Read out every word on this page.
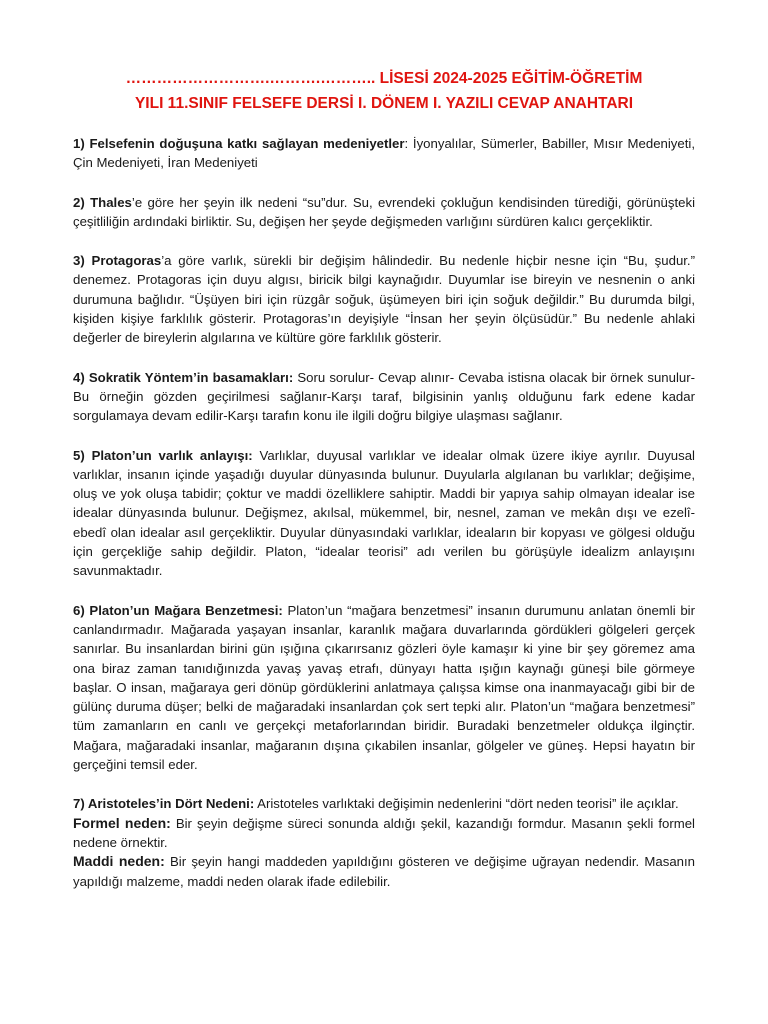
……………………….……….……….. LİSESİ 2024-2025 EĞİTİM-ÖĞRETİM
YILI 11.SINIF FELSEFE DERSİ I. DÖNEM I. YAZILI CEVAP ANAHTARI

1) Felsefenin doğuşuna katkı sağlayan medeniyetler: İyonyalılar, Sümerler, Babiller, Mısır Medeniyeti, Çin Medeniyeti, İran Medeniyeti

2) Thales’e göre her şeyin ilk nedeni “su”dur. Su, evrendeki çokluğun kendisinden türediği, görünüşteki çeşitliliğin ardındaki birliktir. Su, değişen her şeyde değişmeden varlığını sürdüren kalıcı gerçekliktir.

3) Protagoras’a göre varlık, sürekli bir değişim hâlindedir. Bu nedenle hiçbir nesne için “Bu, şudur.” denemez. Protagoras için duyu algısı, biricik bilgi kaynağıdır. Duyumlar ise bireyin ve nesnenin o anki durumuna bağlıdır. “Üşüyen biri için rüzgâr soğuk, üşümeyen biri için soğuk değildir.” Bu durumda bilgi, kişiden kişiye farklılık gösterir. Protagoras’ın deyişiyle “İnsan her şeyin ölçüsüdür.” Bu nedenle ahlaki değerler de bireylerin algılarına ve kültüre göre farklılık gösterir.

4) Sokratik Yöntem’in basamakları: Soru sorulur- Cevap alınır- Cevaba istisna olacak bir örnek sunulur- Bu örneğin gözden geçirilmesi sağlanır-Karşı taraf, bilgisinin yanlış olduğunu fark edene kadar sorgulamaya devam edilir-Karşı tarafın konu ile ilgili doğru bilgiye ulaşması sağlanır.

5) Platon’un varlık anlayışı: Varlıklar, duyusal varlıklar ve idealar olmak üzere ikiye ayrılır. Duyusal varlıklar, insanın içinde yaşadığı duyular dünyasında bulunur. Duyularla algılanan bu varlıklar; değişime, oluş ve yok oluşa tabidir; çoktur ve maddi özelliklere sahiptir. Maddi bir yapıya sahip olmayan idealar ise idealar dünyasında bulunur. Değişmez, akılsal, mükemmel, bir, nesnel, zaman ve mekân dışı ve ezelî-ebedî olan idealar asıl gerçekliktir. Duyular dünyasındaki varlıklar, ideaların bir kopyası ve gölgesi olduğu için gerçekliğe sahip değildir. Platon, “idealar teorisi” adı verilen bu görüşüyle idealizm anlayışını savunmaktadır.

6) Platon’un Mağara Benzetmesi: Platon’un “mağara benzetmesi” insanın durumunu anlatan önemli bir canlandırmadır. Mağarada yaşayan insanlar, karanlık mağara duvarlarında gördükleri gölgeleri gerçek sanırlar. Bu insanlardan birini gün ışığına çıkarırsanız gözleri öyle kamaşır ki yine bir şey göremez ama ona biraz zaman tanıdığınızda yavaş yavaş etrafı, dünyayı hatta ışığın kaynağı güneşi bile görmeye başlar. O insan, mağaraya geri dönüp gördüklerini anlatmaya çalışsa kimse ona inanmayacağı gibi bir de gülünç duruma düşer; belki de mağaradaki insanlardan çok sert tepki alır. Platon’un “mağara benzetmesi” tüm zamanların en canlı ve gerçekçi metaforlarından biridir. Buradaki benzetmeler oldukça ilginçtir. Mağara, mağaradaki insanlar, mağaranın dışına çıkabilen insanlar, gölgeler ve güneş. Hepsi hayatın bir gerçeğini temsil eder.

7) Aristoteles’in Dört Nedeni: Aristoteles varlıktaki değişimin nedenlerini “dört neden teorisi” ile açıklar.

Formel neden: Bir şeyin değişme süreci sonunda aldığı şekil, kazandığı formdur. Masanın şekli formel nedene örnektir.

Maddi neden: Bir şeyin hangi maddeden yapıldığını gösteren ve değişime uğrayan nedendir. Masanın yapıldığı malzeme, maddi neden olarak ifade edilebilir.
